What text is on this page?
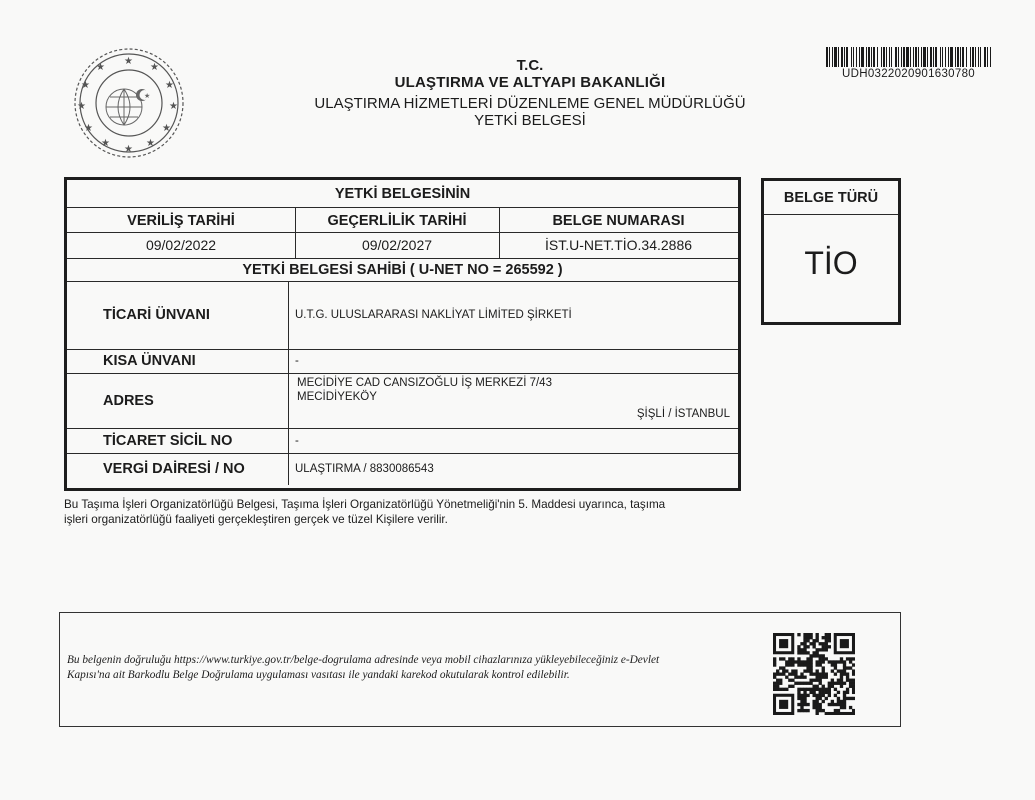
★
★
★
★
★
★
★
★
★
★
★
★
★
T.C.
ULAŞTIRMA VE ALTYAPI BAKANLIĞI
ULAŞTIRMA HİZMETLERİ DÜZENLEME GENEL MÜDÜRLÜĞÜ
YETKİ BELGESİ
UDH0322020901630780
YETKİ BELGESİNİN
VERİLİŞ TARİHİ	GEÇERLİLİK TARİHİ	BELGE NUMARASI
09/02/2022	09/02/2027	İST.U-NET.TİO.34.2886
YETKİ BELGESİ SAHİBİ ( U-NET NO = 265592 )
TİCARİ ÜNVANI	U.T.G. ULUSLARARASI NAKLİYAT LİMİTED ŞİRKETİ
KISA ÜNVANI	-
ADRES
MECİDİYE CAD CANSIZOĞLU İŞ MERKEZİ 7/43
MECİDİYEKÖY
ŞİŞLİ / İSTANBUL
TİCARET SİCİL NO	-
VERGİ DAİRESİ / NO	ULAŞTIRMA / 8830086543
BELGE TÜRÜ
TİO
Bu Taşıma İşleri Organizatörlüğü Belgesi, Taşıma İşleri Organizatörlüğü Yönetmeliği'nin 5. Maddesi uyarınca, taşıma
işleri organizatörlüğü faaliyeti gerçekleştiren gerçek ve tüzel Kişilere verilir.
Bu belgenin doğruluğu https://www.turkiye.gov.tr/belge-dogrulama adresinde veya mobil cihazlarınıza yükleyebileceğiniz e-Devlet
Kapısı'na ait Barkodlu Belge Doğrulama uygulaması vasıtası ile yandaki karekod okutularak kontrol edilebilir.
